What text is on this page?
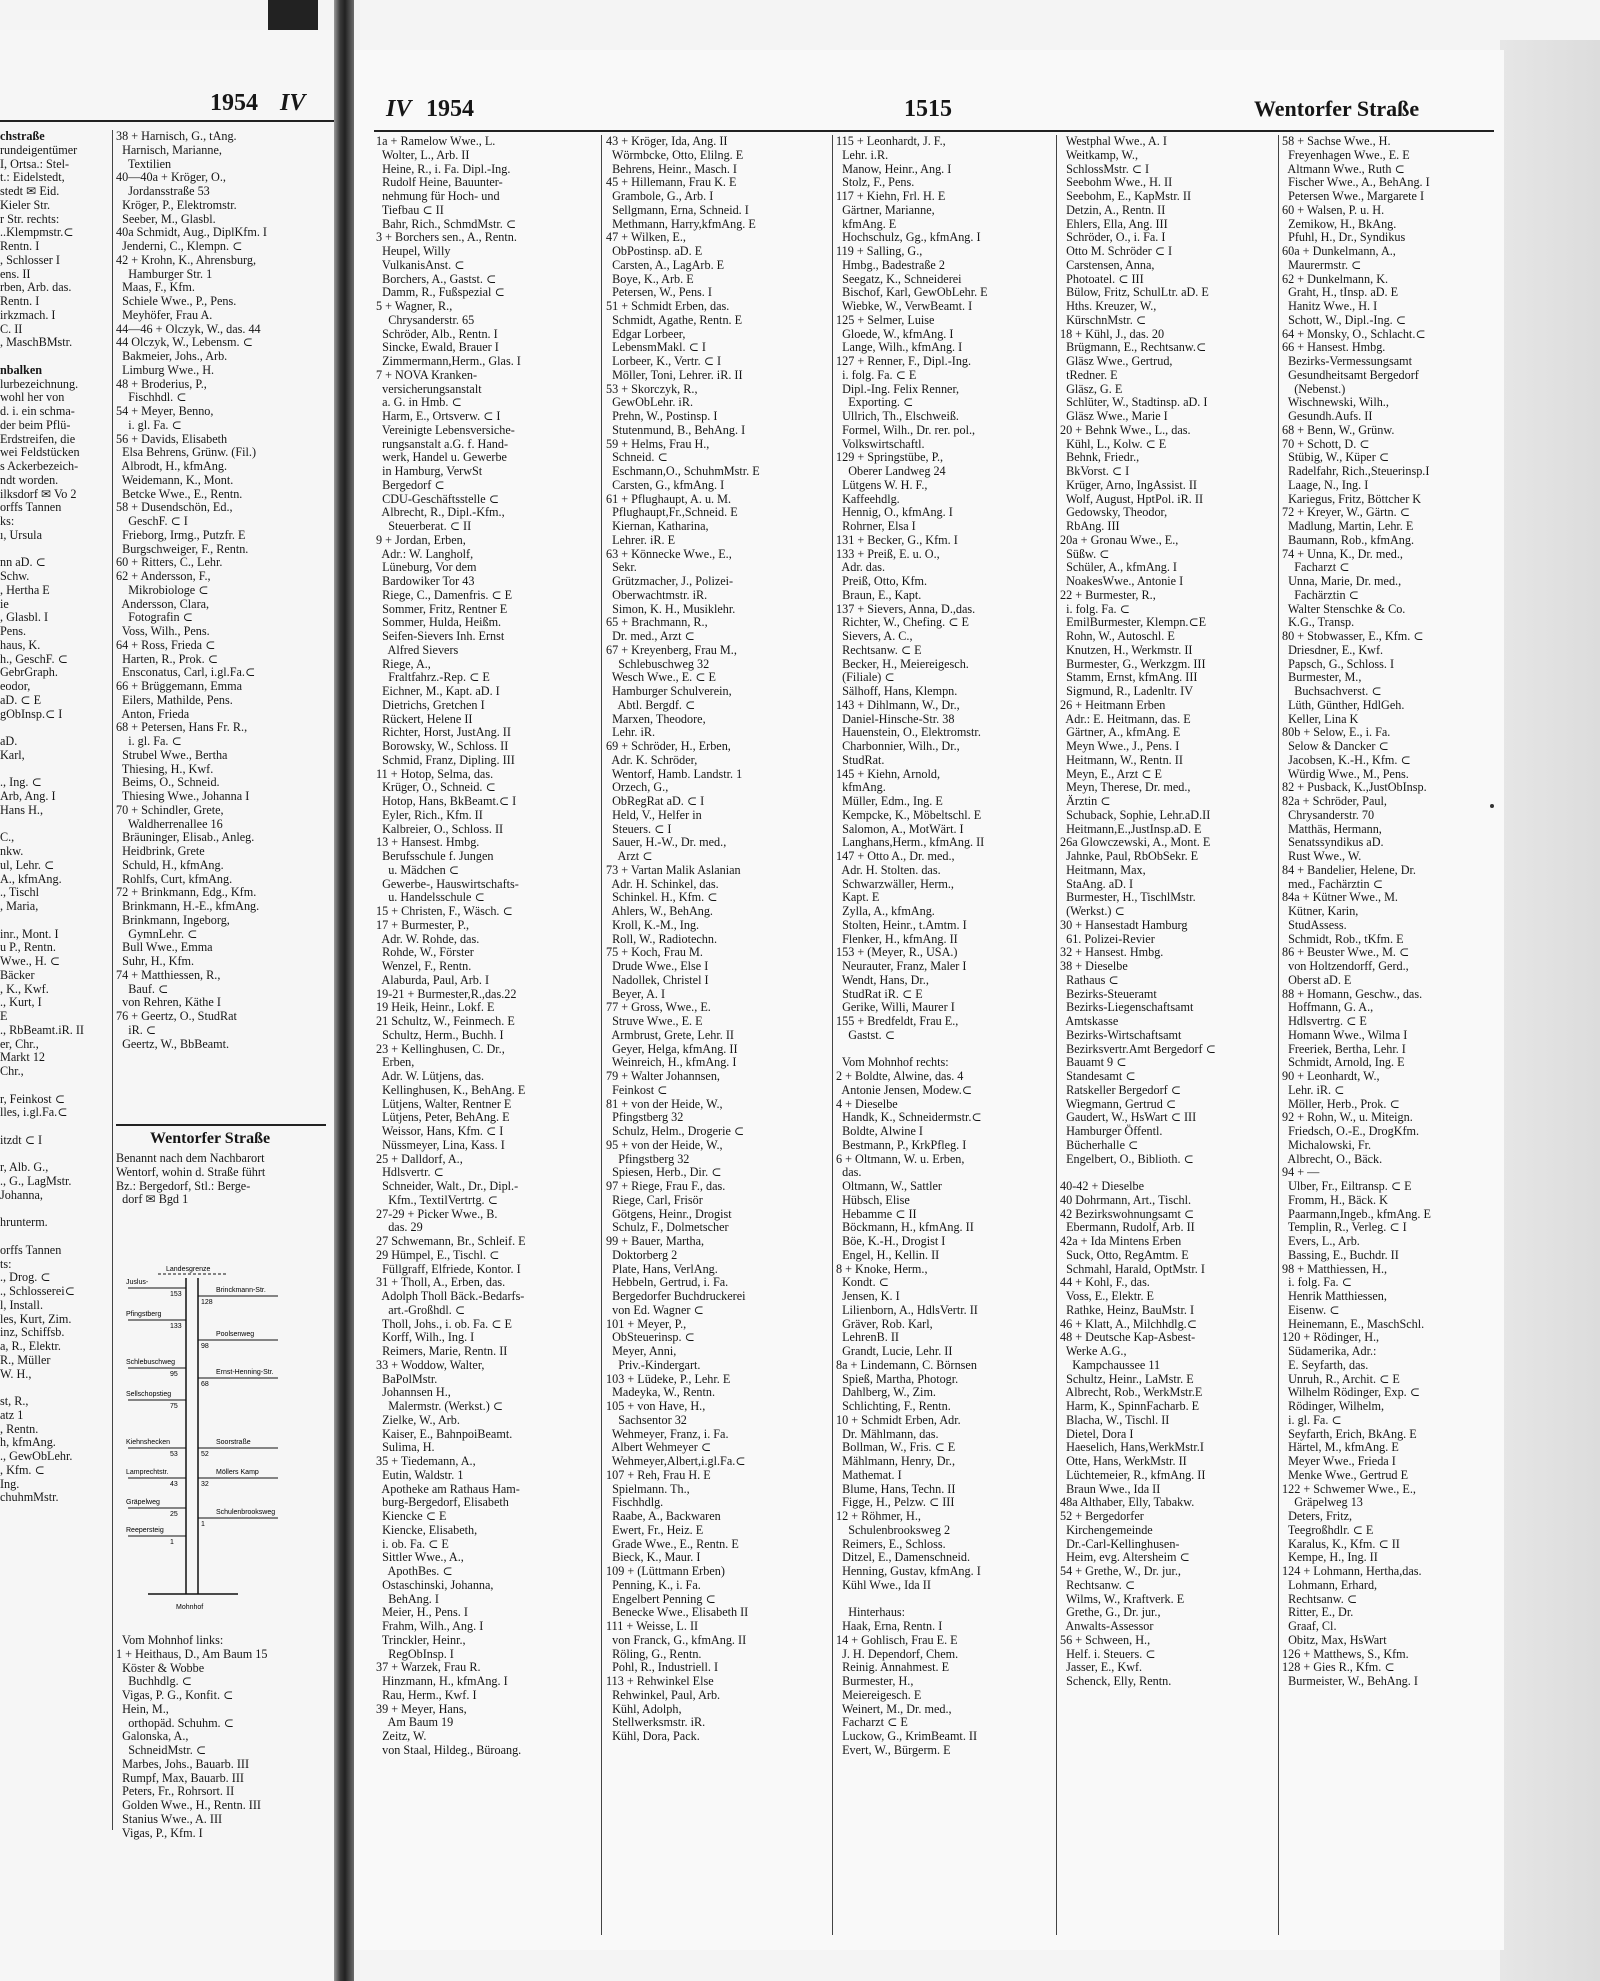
1954 IV
chstraße
rundeigentümer
I, Ortsa.: Stel-
t.: Eidelstedt,
stedt ✉ Eid.
Kieler Str.
r Str. rechts:
..Klempmstr.⊂
Rentn. I
, Schlosser I
ens. II
rben, Arb. das.
Rentn. I
irkzmach. I
C. II
, MaschBMstr.
nbalken
lurbezeichnung.
wohl her von
d. i. ein schma-
der beim Pflü-
Erdstreifen, die
wei Feldstücken
s Ackerbezeich-
ndt worden.
ilksdorf ✉ Vo 2
orffs Tannen
ks:
ı, Ursula
nn aD. ⊂
Schw.
, Hertha E
ie
, Glasbl. I
Pens.
haus, K.
h., GeschF. ⊂
GebrGraph.
eodor,
aD. ⊂ E
gObInsp.⊂ I
aD.
Karl,
., Ing. ⊂
Arb, Ang. I
Hans H.,
C.,
nkw.
ul, Lehr. ⊂
A., kfmAng.
., Tischl
, Maria,
inr., Mont. I
u P., Rentn.
Wwe., H. ⊂
Bäcker
, K., Kwf.
., Kurt, I
E
., RbBeamt.iR. II
er, Chr.,
Markt 12
Chr.,
r, Feinkost ⊂
lles, i.gl.Fa.⊂
itzdt ⊂ I
r, Alb. G.,
., G., LagMstr.
Johanna,
hrunterm.
orffs Tannen
ts:
., Drog. ⊂
., Schlosserei⊂
l, Install.
les, Kurt, Zim.
inz, Schiffsb.
a, R., Elektr.
R., Müller
W. H.,
st, R.,
atz 1
, Rentn.
h, kfmAng.
., GewObLehr.
, Kfm. ⊂
Ing.
chuhmMstr.
38 + Harnisch, G., tAng.
Harnisch, Marianne,
Textilien
40—40a + Kröger, O.,
Jordansstraße 53
Kröger, P., Elektromstr.
Seeber, M., Glasbl.
40a Schmidt, Aug., DiplKfm. I
Jenderni, C., Klempn. ⊂
42 + Krohn, K., Ahrensburg,
Hamburger Str. 1
Maas, F., Kfm.
Schiele Wwe., P., Pens.
Meyhöfer, Frau A.
44—46 + Olczyk, W., das. 44
44 Olczyk, W., Lebensm. ⊂
Bakmeier, Johs., Arb.
Limburg Wwe., H.
48 + Broderius, P.,
Fischhdl. ⊂
54 + Meyer, Benno,
i. gl. Fa. ⊂
56 + Davids, Elisabeth
Elsa Behrens, Grünw. (Fil.)
Albrodt, H., kfmAng.
Weidemann, K., Mont.
Betcke Wwe., E., Rentn.
58 + Dusendschön, Ed.,
GeschF. ⊂ I
Frieborg, Irmg., Putzfr. E
Burgschweiger, F., Rentn.
60 + Ritters, C., Lehr.
62 + Andersson, F.,
Mikrobiologe ⊂
Andersson, Clara,
Fotografin ⊂
Voss, Wilh., Pens.
64 + Ross, Frieda ⊂
Harten, R., Prok. ⊂
Ensconatus, Carl, i.gl.Fa.⊂
66 + Brüggemann, Emma
Eilers, Mathilde, Pens.
Anton, Frieda
68 + Petersen, Hans Fr. R.,
i. gl. Fa. ⊂
Strubel Wwe., Bertha
Thiesing, H., Kwf.
Beims, O., Schneid.
Thiesing Wwe., Johanna I
70 + Schindler, Grete,
Waldherrenallee 16
Bräuninger, Elisab., Anleg.
Heidbrink, Grete
Schuld, H., kfmAng.
Rohlfs, Curt, kfmAng.
72 + Brinkmann, Edg., Kfm.
Brinkmann, H.-E., kfmAng.
Brinkmann, Ingeborg,
GymnLehr. ⊂
Bull Wwe., Emma
Suhr, H., Kfm.
74 + Matthiessen, R.,
Bauf. ⊂
von Rehren, Käthe I
76 + Geertz, O., StudRat
iR. ⊂
Geertz, W., BbBeamt.
Wentorfer Straße
Benannt nach dem Nachbarort
Wentorf, wohin d. Straße führt
Bz.: Bergedorf, Stl.: Berge-
dorf ✉ Bgd 1
Landesgrenze
Juslus-
Pfingstberg
Schlebuschweg
Sellschopstieg
Kiehnshecken
Lamprechtstr.
Gräpelweg
Reepersteig
153
133
95
75
53
43
25
1
Brinckmann-Str.
Poolsenweg
Ernst-Henning-Str.
Soorstraße
Möllers Kamp
Schulenbrooksweg
128
98
68
52
32
1
Mohnhof
Vom Mohnhof links:
1 + Heithaus, D., Am Baum 15
Köster & Wobbe
Buchhdlg. ⊂
Vigas, P. G., Konfit. ⊂
Hein, M.,
orthopäd. Schuhm. ⊂
Galonska, A.,
SchneidMstr. ⊂
Marbes, Johs., Bauarb. III
Rumpf, Max, Bauarb. III
Peters, Fr., Rohrsort. II
Golden Wwe., H., Rentn. III
Stanius Wwe., A. III
Vigas, P., Kfm. I
IV 1954	1515	Wentorfer Straße
1a + Ramelow Wwe., L.
Wolter, L., Arb. II
Heine, R., i. Fa. Dipl.-Ing.
Rudolf Heine, Bauunter-
nehmung für Hoch- und
Tiefbau ⊂ II
Bahr, Rich., SchmdMstr. ⊂
3 + Borchers sen., A., Rentn.
Heupel, Willy
VulkanisAnst. ⊂
Borchers, A., Gastst. ⊂
Damm, R., Fußspezial ⊂
5 + Wagner, R.,
Chrysanderstr. 65
Schröder, Alb., Rentn. I
Sincke, Ewald, Brauer I
Zimmermann,Herm., Glas. I
7 + NOVA Kranken-
versicherungsanstalt
a. G. in Hmb. ⊂
Harm, E., Ortsverw. ⊂ I
Vereinigte Lebensversiche-
rungsanstalt a.G. f. Hand-
werk, Handel u. Gewerbe
in Hamburg, VerwSt
Bergedorf ⊂
CDU-Geschäftsstelle ⊂
Albrecht, R., Dipl.-Kfm.,
Steuerberat. ⊂ II
9 + Jordan, Erben,
Adr.: W. Langholf,
Lüneburg, Vor dem
Bardowiker Tor 43
Riege, C., Damenfris. ⊂ E
Sommer, Fritz, Rentner E
Sommer, Hulda, Heißm.
Seifen-Sievers Inh. Ernst
Alfred Sievers
Riege, A.,
Fraltfahrz.-Rep. ⊂ E
Eichner, M., Kapt. aD. I
Dietrichs, Gretchen I
Rückert, Helene II
Richter, Horst, JustAng. II
Borowsky, W., Schloss. II
Schmid, Franz, Dipling. III
11 + Hotop, Selma, das.
Krüger, O., Schneid. ⊂
Hotop, Hans, BkBeamt.⊂ I
Eyler, Rich., Kfm. II
Kalbreier, O., Schloss. II
13 + Hansest. Hmbg.
Berufsschule f. Jungen
u. Mädchen ⊂
Gewerbe-, Hauswirtschafts-
u. Handelsschule ⊂
15 + Christen, F., Wäsch. ⊂
17 + Burmester, P.,
Adr. W. Rohde, das.
Rohde, W., Förster
Wenzel, F., Rentn.
Alaburda, Paul, Arb. I
19-21 + Burmester,R.,das.22
19 Heik, Heinr., Lokf. E
21 Schultz, W., Feinmech. E
Schultz, Herm., Buchh. I
23 + Kellinghusen, C. Dr.,
Erben,
Adr. W. Lütjens, das.
Kellinghusen, K., BehAng. E
Lütjens, Walter, Rentner E
Lütjens, Peter, BehAng. E
Weissor, Hans, Kfm. ⊂ I
Nüssmeyer, Lina, Kass. I
25 + Dalldorf, A.,
Hdlsvertr. ⊂
Schneider, Walt., Dr., Dipl.-
Kfm., TextilVertrtg. ⊂
27-29 + Picker Wwe., B.
das. 29
27 Schwemann, Br., Schleif. E
29 Hümpel, E., Tischl. ⊂
Füllgraff, Elfriede, Kontor. I
31 + Tholl, A., Erben, das.
Adolph Tholl Bäck.-Bedarfs-
art.-Großhdl. ⊂
Tholl, Johs., i. ob. Fa. ⊂ E
Korff, Wilh., Ing. I
Reimers, Marie, Rentn. II
33 + Woddow, Walter,
BaPolMstr.
Johannsen H.,
Malermstr. (Werkst.) ⊂
Zielke, W., Arb.
Kaiser, E., BahnpoiBeamt.
Sulima, H.
35 + Tiedemann, A.,
Eutin, Waldstr. 1
Apotheke am Rathaus Ham-
burg-Bergedorf, Elisabeth
Kiencke ⊂ E
Kiencke, Elisabeth,
i. ob. Fa. ⊂ E
Sittler Wwe., A.,
ApothBes. ⊂
Ostaschinski, Johanna,
BehAng. I
Meier, H., Pens. I
Frahm, Wilh., Ang. I
Trinckler, Heinr.,
RegObInsp. I
37 + Warzek, Frau R.
Hinzmann, H., kfmAng. I
Rau, Herm., Kwf. I
39 + Meyer, Hans,
Am Baum 19
Zeitz, W.
von Staal, Hildeg., Büroang.
43 + Kröger, Ida, Ang. II
Wörmbcke, Otto, Elilng. E
Behrens, Heinr., Masch. I
45 + Hillemann, Frau K. E
Grambole, G., Arb. I
Sellgmann, Erna, Schneid. I
Methmann, Harry,kfmAng. E
47 + Wilken, E.,
ObPostinsp. aD. E
Carsten, A., LagArb. E
Boye, K., Arb. E
Petersen, W., Pens. I
51 + Schmidt Erben, das.
Schmidt, Agathe, Rentn. E
Edgar Lorbeer,
LebensmMakl. ⊂ I
Lorbeer, K., Vertr. ⊂ I
Möller, Toni, Lehrer. iR. II
53 + Skorczyk, R.,
GewObLehr. iR.
Prehn, W., Postinsp. I
Stutenmund, B., BehAng. I
59 + Helms, Frau H.,
Schneid. ⊂
Eschmann,O., SchuhmMstr. E
Carsten, G., kfmAng. I
61 + Pflughaupt, A. u. M.
Pflughaupt,Fr.,Schneid. E
Kiernan, Katharina,
Lehrer. iR. E
63 + Könnecke Wwe., E.,
Sekr.
Grützmacher, J., Polizei-
Oberwachtmstr. iR.
Simon, K. H., Musiklehr.
65 + Brachmann, R.,
Dr. med., Arzt ⊂
67 + Kreyenberg, Frau M.,
Schlebuschweg 32
Wesch Wwe., E. ⊂ E
Hamburger Schulverein,
Abtl. Bergdf. ⊂
Marxen, Theodore,
Lehr. iR.
69 + Schröder, H., Erben,
Adr. K. Schröder,
Wentorf, Hamb. Landstr. 1
Orzech, G.,
ObRegRat aD. ⊂ I
Held, V., Helfer in
Steuers. ⊂ I
Sauer, H.-W., Dr. med.,
Arzt ⊂
73 + Vartan Malik Aslanian
Adr. H. Schinkel, das.
Schinkel. H., Kfm. ⊂
Ahlers, W., BehAng.
Kroll, K.-M., Ing.
Roll, W., Radiotechn.
75 + Koch, Frau M.
Drude Wwe., Else I
Nadollek, Christel I
Beyer, A. I
77 + Gross, Wwe., E.
Struve Wwe., E. E
Armbrust, Grete, Lehr. II
Geyer, Helga, kfmAng. II
Weinreich, H., kfmAng. I
79 + Walter Johannsen,
Feinkost ⊂
81 + von der Heide, W.,
Pfingstberg 32
Schulz, Helm., Drogerie ⊂
95 + von der Heide, W.,
Pfingstberg 32
Spiesen, Herb., Dir. ⊂
97 + Riege, Frau F., das.
Riege, Carl, Frisör
Götgens, Heinr., Drogist
Schulz, F., Dolmetscher
99 + Bauer, Martha,
Doktorberg 2
Plate, Hans, VerlAng.
Hebbeln, Gertrud, i. Fa.
Bergedorfer Buchdruckerei
von Ed. Wagner ⊂
101 + Meyer, P.,
ObSteuerinsp. ⊂
Meyer, Anni,
Priv.-Kindergart.
103 + Lüdeke, P., Lehr. E
Madeyka, W., Rentn.
105 + von Have, H.,
Sachsentor 32
Wehmeyer, Franz, i. Fa.
Albert Wehmeyer ⊂
Wehmeyer,Albert,i.gl.Fa.⊂
107 + Reh, Frau H. E
Spielmann. Th.,
Fischhdlg.
Raabe, A., Backwaren
Ewert, Fr., Heiz. E
Grade Wwe., E., Rentn. E
Bieck, K., Maur. I
109 + (Lüttmann Erben)
Penning, K., i. Fa.
Engelbert Penning ⊂
Benecke Wwe., Elisabeth II
111 + Weisse, L. II
von Franck, G., kfmAng. II
Röling, G., Rentn.
Pohl, R., Industriell. I
113 + Rehwinkel Else
Rehwinkel, Paul, Arb.
Kühl, Adolph,
Stellwerksmstr. iR.
Kühl, Dora, Pack.
115 + Leonhardt, J. F.,
Lehr. i.R.
Manow, Heinr., Ang. I
Stolz, F., Pens.
117 + Kiehn, Frl. H. E
Gärtner, Marianne,
kfmAng. E
Hochschulz, Gg., kfmAng. I
119 + Salling, G.,
Hmbg., Badestraße 2
Seegatz, K., Schneiderei
Bischof, Karl, GewObLehr. E
Wiebke, W., VerwBeamt. I
125 + Selmer, Luise
Gloede, W., kfmAng. I
Lange, Wilh., kfmAng. I
127 + Renner, F., Dipl.-Ing.
i. folg. Fa. ⊂ E
Dipl.-Ing. Felix Renner,
Exporting. ⊂
Ullrich, Th., Elschweiß.
Formel, Wilh., Dr. rer. pol.,
Volkswirtschaftl.
129 + Springstübe, P.,
Oberer Landweg 24
Lütgens W. H. F.,
Kaffeehdlg.
Hennig, O., kfmAng. I
Rohrner, Elsa I
131 + Becker, G., Kfm. I
133 + Preiß, E. u. O.,
Adr. das.
Preiß, Otto, Kfm.
Braun, E., Kapt.
137 + Sievers, Anna, D.,das.
Richter, W., Chefing. ⊂ E
Sievers, A. C.,
Rechtsanw. ⊂ E
Becker, H., Meiereigesch.
(Filiale) ⊂
Sälhoff, Hans, Klempn.
143 + Dihlmann, W., Dr.,
Daniel-Hinsche-Str. 38
Hauenstein, O., Elektromstr.
Charbonnier, Wilh., Dr.,
StudRat.
145 + Kiehn, Arnold,
kfmAng.
Müller, Edm., Ing. E
Kempcke, K., Möbeltschl. E
Salomon, A., MotWärt. I
Langhans,Herm., kfmAng. II
147 + Otto A., Dr. med.,
Adr. H. Stolten. das.
Schwarzwäller, Herm.,
Kapt. E
Zylla, A., kfmAng.
Stolten, Heinr., t.Amtm. I
Flenker, H., kfmAng. II
153 + (Meyer, R., USA.)
Neurauter, Franz, Maler I
Wendt, Hans, Dr.,
StudRat iR. ⊂ E
Gerike, Willi, Maurer I
155 + Bredfeldt, Frau E.,
Gastst. ⊂
Vom Mohnhof rechts:
2 + Boldte, Alwine, das. 4
Antonie Jensen, Modew.⊂
4 + Dieselbe
Handk, K., Schneidermstr.⊂
Boldte, Alwine I
Bestmann, P., KrkPfleg. I
6 + Oltmann, W. u. Erben,
das.
Oltmann, W., Sattler
Hübsch, Elise
Hebamme ⊂ II
Böckmann, H., kfmAng. II
Böe, K.-H., Drogist I
Engel, H., Kellin. II
8 + Knoke, Herm.,
Kondt. ⊂
Jensen, K. I
Lilienborn, A., HdlsVertr. II
Gräver, Rob. Karl,
LehrenB. II
Grandt, Lucie, Lehr. II
8a + Lindemann, C. Börnsen
Spieß, Martha, Photogr.
Dahlberg, W., Zim.
Schlichting, F., Rentn.
10 + Schmidt Erben, Adr.
Dr. Mählmann, das.
Bollman, W., Fris. ⊂ E
Mählmann, Henry, Dr.,
Mathemat. I
Blume, Hans, Techn. II
Figge, H., Pelzw. ⊂ III
12 + Röhmer, H.,
Schulenbrooksweg 2
Reimers, E., Schloss.
Ditzel, E., Damenschneid.
Henning, Gustav, kfmAng. I
Kühl Wwe., Ida II
Hinterhaus:
Haak, Erna, Rentn. I
14 + Gohlisch, Frau E. E
J. H. Dependorf, Chem.
Reinig. Annahmest. E
Burmester, H.,
Meiereigesch. E
Weinert, M., Dr. med.,
Facharzt ⊂ E
Luckow, G., KrimBeamt. II
Evert, W., Bürgerm. E
Westphal Wwe., A. I
Weitkamp, W.,
SchlossMstr. ⊂ I
Seebohm Wwe., H. II
Seebohm, E., KapMstr. II
Detzin, A., Rentn. II
Ehlers, Ella, Ang. III
Schröder, O., i. Fa. I
Otto M. Schröder ⊂ I
Carstensen, Anna,
Photoatel. ⊂ III
Bülow, Fritz, SchulLtr. aD. E
Hths. Kreuzer, W.,
KürschnMstr. ⊂
18 + Kühl, J., das. 20
Brügmann, E., Rechtsanw.⊂
Gläsz Wwe., Gertrud,
tRedner. E
Gläsz, G. E
Schlüter, W., Stadtinsp. aD. I
Gläsz Wwe., Marie I
20 + Behnk Wwe., L., das.
Kühl, L., Kolw. ⊂ E
Behnk, Friedr.,
BkVorst. ⊂ I
Krüger, Arno, IngAssist. II
Wolf, August, HptPol. iR. II
Gedowsky, Theodor,
RbAng. III
20a + Gronau Wwe., E.,
Süßw. ⊂
Schüler, A., kfmAng. I
NoakesWwe., Antonie I
22 + Burmester, R.,
i. folg. Fa. ⊂
EmilBurmester, Klempn.⊂E
Rohn, W., Autoschl. E
Knutzen, H., Werkmstr. II
Burmester, G., Werkzgm. III
Stamm, Ernst, kfmAng. III
Sigmund, R., Ladenltr. IV
26 + Heitmann Erben
Adr.: E. Heitmann, das. E
Gärtner, A., kfmAng. E
Meyn Wwe., J., Pens. I
Heitmann, W., Rentn. II
Meyn, E., Arzt ⊂ E
Meyn, Therese, Dr. med.,
Ärztin ⊂
Schuback, Sophie, Lehr.aD.II
Heitmann,E.,JustInsp.aD. E
26a Glowczewski, A., Mont. E
Jahnke, Paul, RbObSekr. E
Heitmann, Max,
StaAng. aD. I
Burmester, H., TischlMstr.
(Werkst.) ⊂
30 + Hansestadt Hamburg
61. Polizei-Revier
32 + Hansest. Hmbg.
38 + Dieselbe
Rathaus ⊂
Bezirks-Steueramt
Bezirks-Liegenschaftsamt
Amtskasse
Bezirks-Wirtschaftsamt
Bezirksvertr.Amt Bergedorf ⊂
Bauamt 9 ⊂
Standesamt ⊂
Ratskeller Bergedorf ⊂
Wiegmann, Gertrud ⊂
Gaudert, W., HsWart ⊂ III
Hamburger Öffentl.
Bücherhalle ⊂
Engelbert, O., Biblioth. ⊂
40-42 + Dieselbe
40 Dohrmann, Art., Tischl.
42 Bezirkswohnungsamt ⊂
Ebermann, Rudolf, Arb. II
42a + Ida Mintens Erben
Suck, Otto, RegAmtm. E
Schmahl, Harald, OptMstr. I
44 + Kohl, F., das.
Voss, E., Elektr. E
Rathke, Heinz, BauMstr. I
46 + Klatt, A., Milchhdlg.⊂
48 + Deutsche Kap-Asbest-
Werke A.G.,
Kampchaussee 11
Schultz, Heinr., LaMstr. E
Albrecht, Rob., WerkMstr.E
Harm, K., SpinnFacharb. E
Blacha, W., Tischl. II
Dietel, Dora I
Haeselich, Hans,WerkMstr.I
Otte, Hans, WerkMstr. II
Lüchtemeier, R., kfmAng. II
Braun Wwe., Ida II
48a Althaber, Elly, Tabakw.
52 + Bergedorfer
Kirchengemeinde
Dr.-Carl-Kellinghusen-
Heim, evg. Altersheim ⊂
54 + Grethe, W., Dr. jur.,
Rechtsanw. ⊂
Wilms, W., Kraftverk. E
Grethe, G., Dr. jur.,
Anwalts-Assessor
56 + Schween, H.,
Helf. i. Steuers. ⊂
Jasser, E., Kwf.
Schenck, Elly, Rentn.
58 + Sachse Wwe., H.
Freyenhagen Wwe., E. E
Altmann Wwe., Ruth ⊂
Fischer Wwe., A., BehAng. I
Petersen Wwe., Margarete I
60 + Walsen, P. u. H.
Zemikow, H., BkAng.
Pfuhl, H., Dr., Syndikus
60a + Dunkelmann, A.,
Maurermstr. ⊂
62 + Dunkelmann, K.
Graht, H., tInsp. aD. E
Hanitz Wwe., H. I
Schott, W., Dipl.-Ing. ⊂
64 + Monsky, O., Schlacht.⊂
66 + Hansest. Hmbg.
Bezirks-Vermessungsamt
Gesundheitsamt Bergedorf
(Nebenst.)
Wischnewski, Wilh.,
Gesundh.Aufs. II
68 + Benn, W., Grünw.
70 + Schott, D. ⊂
Stübig, W., Küper ⊂
Radelfahr, Rich.,Steuerinsp.I
Laage, N., Ing. I
Kariegus, Fritz, Böttcher K
72 + Kreyer, W., Gärtn. ⊂
Madlung, Martin, Lehr. E
Baumann, Rob., kfmAng.
74 + Unna, K., Dr. med.,
Facharzt ⊂
Unna, Marie, Dr. med.,
Fachärztin ⊂
Walter Stenschke & Co.
K.G., Transp.
80 + Stobwasser, E., Kfm. ⊂
Driesdner, E., Kwf.
Papsch, G., Schloss. I
Burmester, M.,
Buchsachverst. ⊂
Lüth, Günther, HdlGeh.
Keller, Lina K
80b + Selow, E., i. Fa.
Selow & Dancker ⊂
Jacobsen, K.-H., Kfm. ⊂
Würdig Wwe., M., Pens.
82 + Pusback, K.,JustObInsp.
82a + Schröder, Paul,
Chrysanderstr. 70
Matthäs, Hermann,
Senatssyndikus aD.
Rust Wwe., W.
84 + Bandelier, Helene, Dr.
med., Fachärztin ⊂
84a + Kütner Wwe., M.
Kütner, Karin,
StudAssess.
Schmidt, Rob., tKfm. E
86 + Beuster Wwe., M. ⊂
von Holtzendorff, Gerd.,
Oberst aD. E
88 + Homann, Geschw., das.
Hoffmann, G. A.,
Hdlsvertrg. ⊂ E
Homann Wwe., Wilma I
Freeriek, Bertha, Lehr. I
Schmidt, Arnold, Ing. E
90 + Leonhardt, W.,
Lehr. iR. ⊂
Möller, Herb., Prok. ⊂
92 + Rohn, W., u. Miteign.
Friedsch, O.-E., DrogKfm.
Michalowski, Fr.
Albrecht, O., Bäck.
94 + —
Ulber, Fr., Eiltransp. ⊂ E
Fromm, H., Bäck. K
Paarmann,Ingeb., kfmAng. E
Templin, R., Verleg. ⊂ I
Evers, L., Arb.
Bassing, E., Buchdr. II
98 + Matthiessen, H.,
i. folg. Fa. ⊂
Henrik Matthiessen,
Eisenw. ⊂
Heinemann, E., MaschSchl.
120 + Rödinger, H.,
Südamerika, Adr.:
E. Seyfarth, das.
Unruh, R., Archit. ⊂ E
Wilhelm Rödinger, Exp. ⊂
Rödinger, Wilhelm,
i. gl. Fa. ⊂
Seyfarth, Erich, BkAng. E
Härtel, M., kfmAng. E
Meyer Wwe., Frieda I
Menke Wwe., Gertrud E
122 + Schwemer Wwe., E.,
Gräpelweg 13
Deters, Fritz,
Teegroßhdlr. ⊂ E
Karalus, K., Kfm. ⊂ II
Kempe, H., Ing. II
124 + Lohmann, Hertha,das.
Lohmann, Erhard,
Rechtsanw. ⊂
Ritter, E., Dr.
Graaf, Cl.
Obitz, Max, HsWart
126 + Matthews, S., Kfm.
128 + Gies R., Kfm. ⊂
Burmeister, W., BehAng. I
